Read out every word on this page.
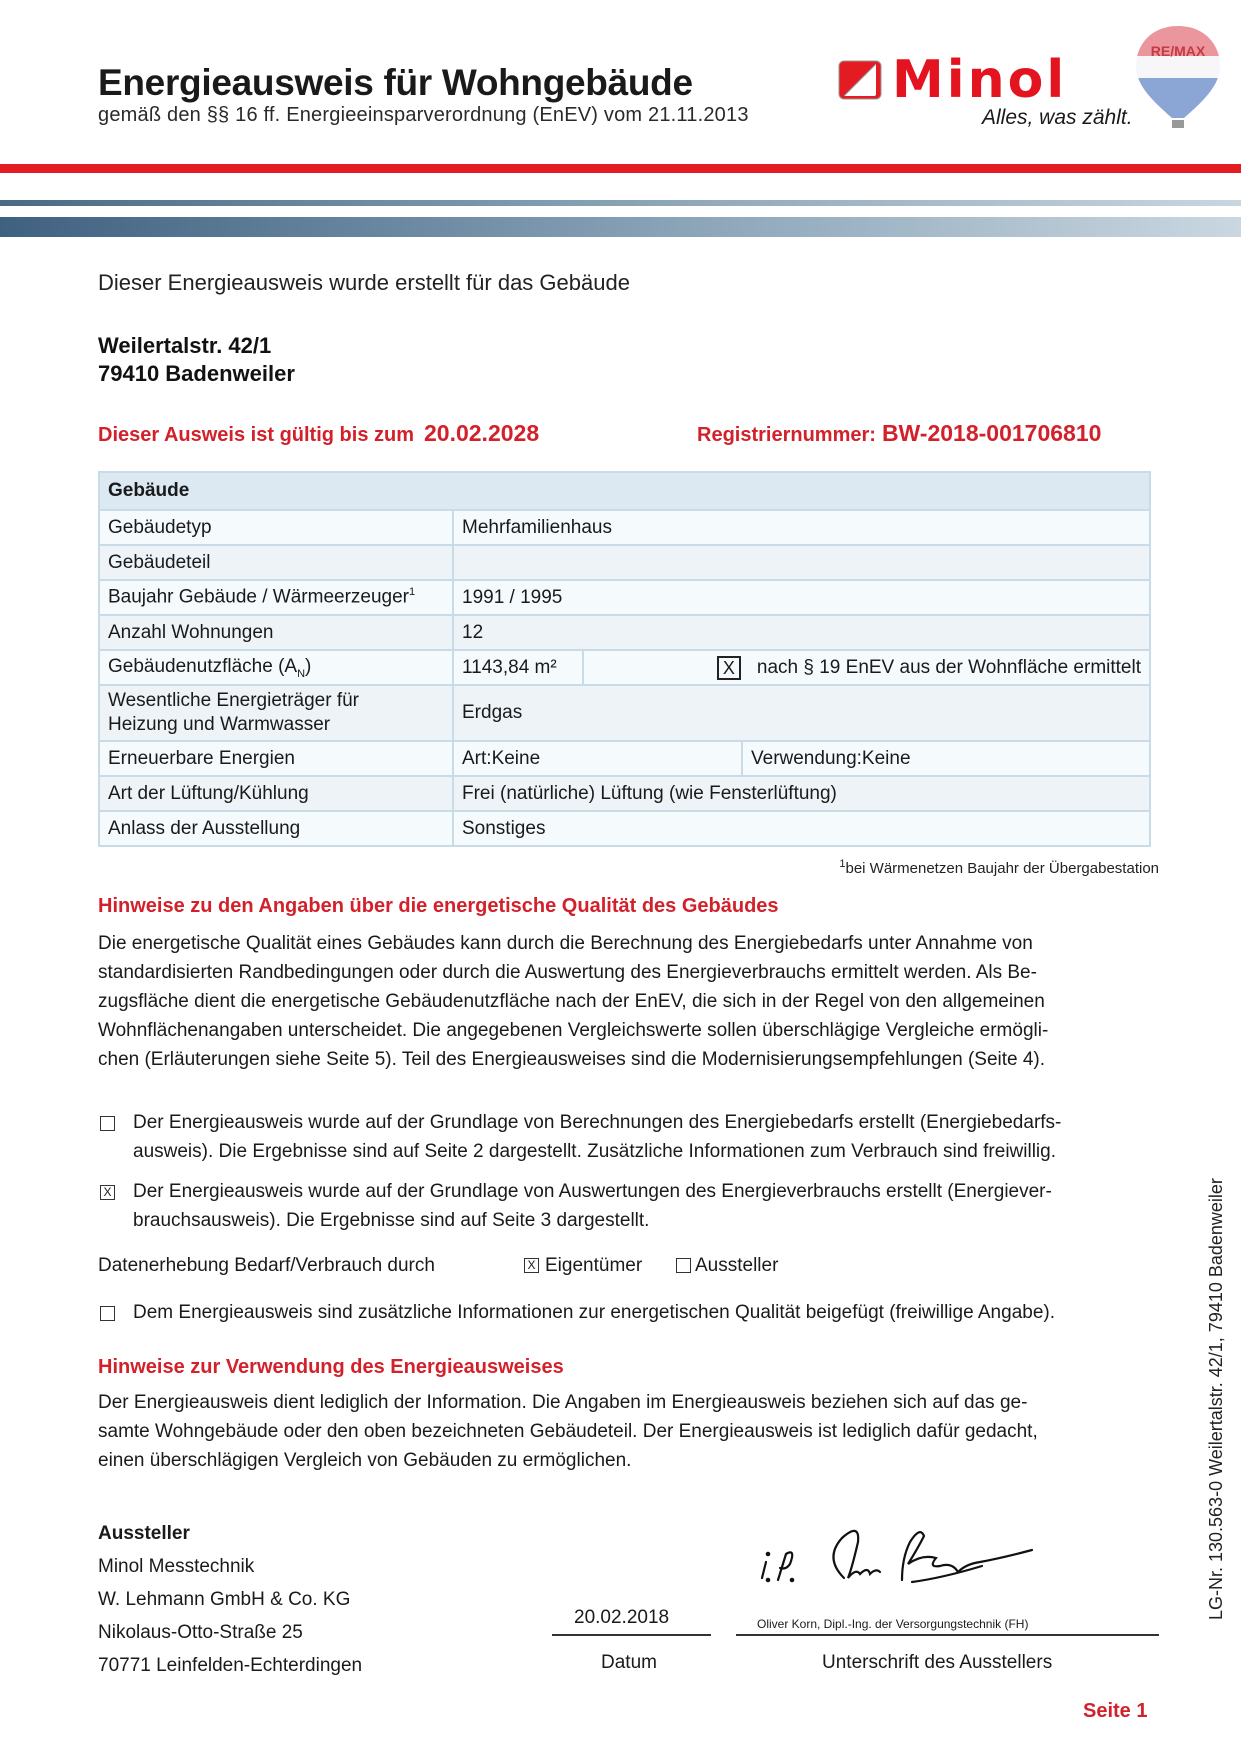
Energieausweis für Wohngebäude
gemäß den §§ 16 ff. Energieeinsparverordnung (EnEV) vom 21.11.2013
Minol
Alles, was zählt.
RE/MAX
Dieser Energieausweis wurde erstellt für das Gebäude
Weilertalstr. 42/1
79410 Badenweiler
Dieser Ausweis ist gültig bis zum 20.02.2028	Registriernummer: BW-2018-001706810
Gebäude			
Gebäudetyp	Mehrfamilienhaus		
Gebäudeteil			
Baujahr Gebäude / Wärmeerzeuger$^1$	1991 / 1995		
Anzahl Wohnungen	12		
Gebäudenutzfläche $(A_N)$	1143,84 m²	X nach § 19 EnEV aus der Wohnfläche ermittelt	

Wesentliche Energieträger für
Heizung und Warmwasser	Erdgas		
Erneuerbare Energien	Art:Keine		Verwendung:Keine
Art der Lüftung/Kühlung	Frei (natürliche) Lüftung (wie Fensterlüftung)		
Anlass der Ausstellung	Sonstiges		
$^1$bei Wärmenetzen Baujahr der Übergabestation
Hinweise zu den Angaben über die energetische Qualität des Gebäudes
Die energetische Qualität eines Gebäudes kann durch die Berechnung des Energiebedarfs unter Annahme von
standardisierten Randbedingungen oder durch die Auswertung des Energieverbrauchs ermittelt werden. Als Be-
zugsfläche dient die energetische Gebäudenutzfläche nach der EnEV, die sich in der Regel von den allgemeinen
Wohnflächenangaben unterscheidet. Die angegebenen Vergleichswerte sollen überschlägige Vergleiche ermögli-
chen (Erläuterungen siehe Seite 5). Teil des Energieausweises sind die Modernisierungsempfehlungen (Seite 4).
Der Energieausweis wurde auf der Grundlage von Berechnungen des Energiebedarfs erstellt (Energiebedarfs-
ausweis). Die Ergebnisse sind auf Seite 2 dargestellt. Zusätzliche Informationen zum Verbrauch sind freiwillig.
X Der Energieausweis wurde auf der Grundlage von Auswertungen des Energieverbrauchs erstellt (Energiever-
brauchsausweis). Die Ergebnisse sind auf Seite 3 dargestellt.
Datenerhebung Bedarf/Verbrauch durch	X Eigentümer	Aussteller
Dem Energieausweis sind zusätzliche Informationen zur energetischen Qualität beigefügt (freiwillige Angabe).
Hinweise zur Verwendung des Energieausweises
Der Energieausweis dient lediglich der Information. Die Angaben im Energieausweis beziehen sich auf das ge-
samte Wohngebäude oder den oben bezeichneten Gebäudeteil. Der Energieausweis ist lediglich dafür gedacht,
einen überschlägigen Vergleich von Gebäuden zu ermöglichen.
Aussteller
Minol Messtechnik
W. Lehmann GmbH & Co. KG
Nikolaus-Otto-Straße 25
70771 Leinfelden-Echterdingen
20.02.2018	Oliver Korn, Dipl.-Ing. der Versorgungstechnik (FH)
Datum	Unterschrift des Ausstellers
Seite 1
LG-Nr. 130.563-0 Weilertalstr. 42/1, 79410 Badenweiler
